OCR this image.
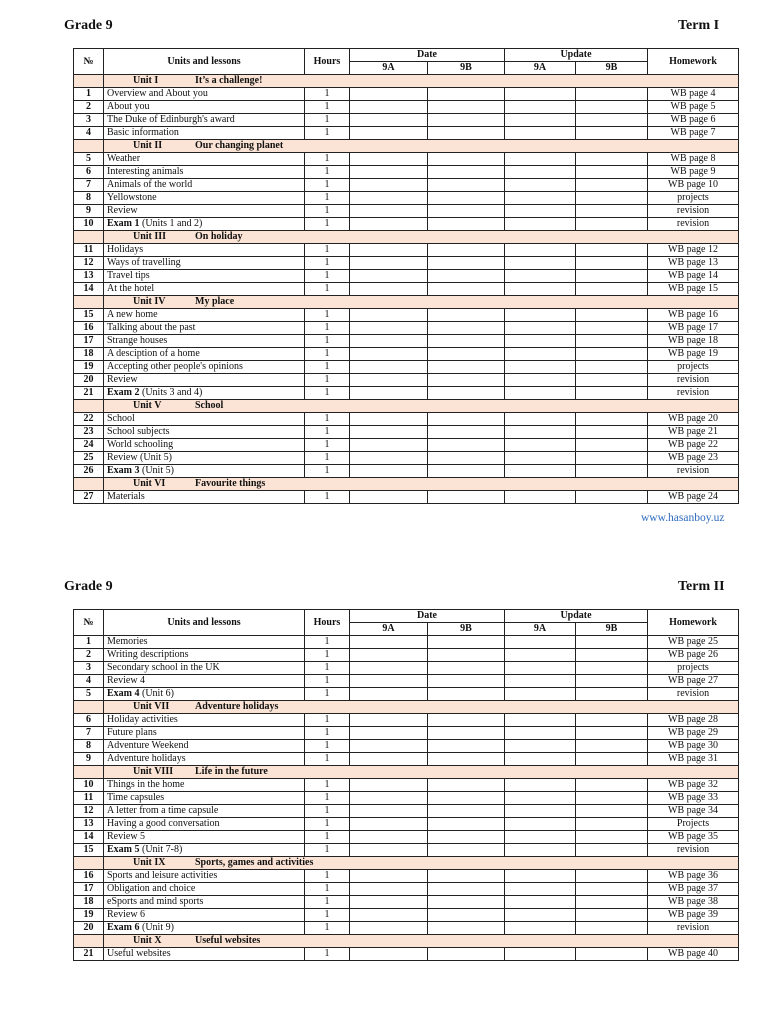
Grade 9	Term I
№	Units and lessons	Hours	Date		Update		Homework
			9A	9B	9A	9B	
	Unit I It’s a challenge!						
1	Overview and About you	1					WB page 4
2	About you	1					WB page 5
3	The Duke of Edinburgh's award	1					WB page 6
4	Basic information	1					WB page 7
	Unit II Our changing planet						
5	Weather	1					WB page 8
6	Interesting animals	1					WB page 9
7	Animals of the world	1					WB page 10
8	Yellowstone	1					projects
9	Review	1					revision
10	Exam 1 (Units 1 and 2)	1					revision
	Unit III On holiday						
11	Holidays	1					WB page 12
12	Ways of travelling	1					WB page 13
13	Travel tips	1					WB page 14
14	At the hotel	1					WB page 15
	Unit IV My place						
15	A new home	1					WB page 16
16	Talking about the past	1					WB page 17
17	Strange houses	1					WB page 18
18	A desciption of a home	1					WB page 19
19	Accepting other people's opinions	1					projects
20	Review	1					revision
21	Exam 2 (Units 3 and 4)	1					revision
	Unit V School						
22	School	1					WB page 20
23	School subjects	1					WB page 21
24	World schooling	1					WB page 22
25	Review (Unit 5)	1					WB page 23
26	Exam 3 (Unit 5)	1					revision
	Unit VI Favourite things						
27	Materials	1					WB page 24
www.hasanboy.uz
Grade 9	Term II
№	Units and lessons	Hours	Date		Update		Homework
			9A	9B	9A	9B	
1	Memories	1					WB page 25
2	Writing descriptions	1					WB page 26
3	Secondary school in the UK	1					projects
4	Review 4	1					WB page 27
5	Exam 4 (Unit 6)	1					revision
	Unit VII Adventure holidays						
6	Holiday activities	1					WB page 28
7	Future plans	1					WB page 29
8	Adventure Weekend	1					WB page 30
9	Adventure holidays	1					WB page 31
	Unit VIII Life in the future						
10	Things in the home	1					WB page 32
11	Time capsules	1					WB page 33
12	A letter from a time capsule	1					WB page 34
13	Having a good conversation	1					Projects
14	Review 5	1					WB page 35
15	Exam 5 (Unit 7-8)	1					revision
	Unit IX Sports, games and activities						
16	Sports and leisure activities	1					WB page 36
17	Obligation and choice	1					WB page 37
18	eSports and mind sports	1					WB page 38
19	Review 6	1					WB page 39
20	Exam 6 (Unit 9)	1					revision
	Unit X Useful websites						
21	Useful websites	1					WB page 40
